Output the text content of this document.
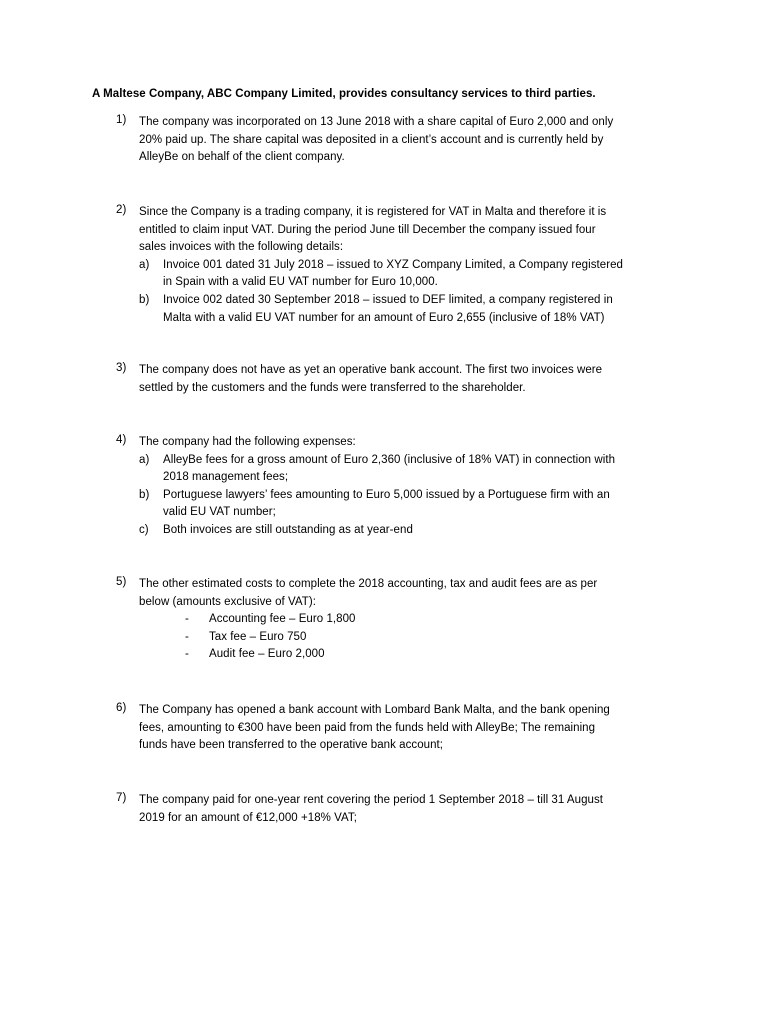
A Maltese Company, ABC Company Limited, provides consultancy services to third parties.
1) The company was incorporated on 13 June 2018 with a share capital of Euro 2,000 and only
20% paid up. The share capital was deposited in a client’s account and is currently held by
AlleyBe on behalf of the client company.
2) Since the Company is a trading company, it is registered for VAT in Malta and therefore it is
entitled to claim input VAT. During the period June till December the company issued four
sales invoices with the following details:
a) Invoice 001 dated 31 July 2018 – issued to XYZ Company Limited, a Company registered
in Spain with a valid EU VAT number for Euro 10,000.
b) Invoice 002 dated 30 September 2018 – issued to DEF limited, a company registered in
Malta with a valid EU VAT number for an amount of Euro 2,655 (inclusive of 18% VAT)
3) The company does not have as yet an operative bank account. The first two invoices were
settled by the customers and the funds were transferred to the shareholder.
4) The company had the following expenses:
a) AlleyBe fees for a gross amount of Euro 2,360 (inclusive of 18% VAT) in connection with
2018 management fees;
b) Portuguese lawyers’ fees amounting to Euro 5,000 issued by a Portuguese firm with an
valid EU VAT number;
c) Both invoices are still outstanding as at year-end
5) The other estimated costs to complete the 2018 accounting, tax and audit fees are as per
below (amounts exclusive of VAT):
- Accounting fee – Euro 1,800
- Tax fee – Euro 750
- Audit fee – Euro 2,000
6) The Company has opened a bank account with Lombard Bank Malta, and the bank opening
fees, amounting to €300 have been paid from the funds held with AlleyBe; The remaining
funds have been transferred to the operative bank account;
7) The company paid for one-year rent covering the period 1 September 2018 – till 31 August
2019 for an amount of €12,000 +18% VAT;
